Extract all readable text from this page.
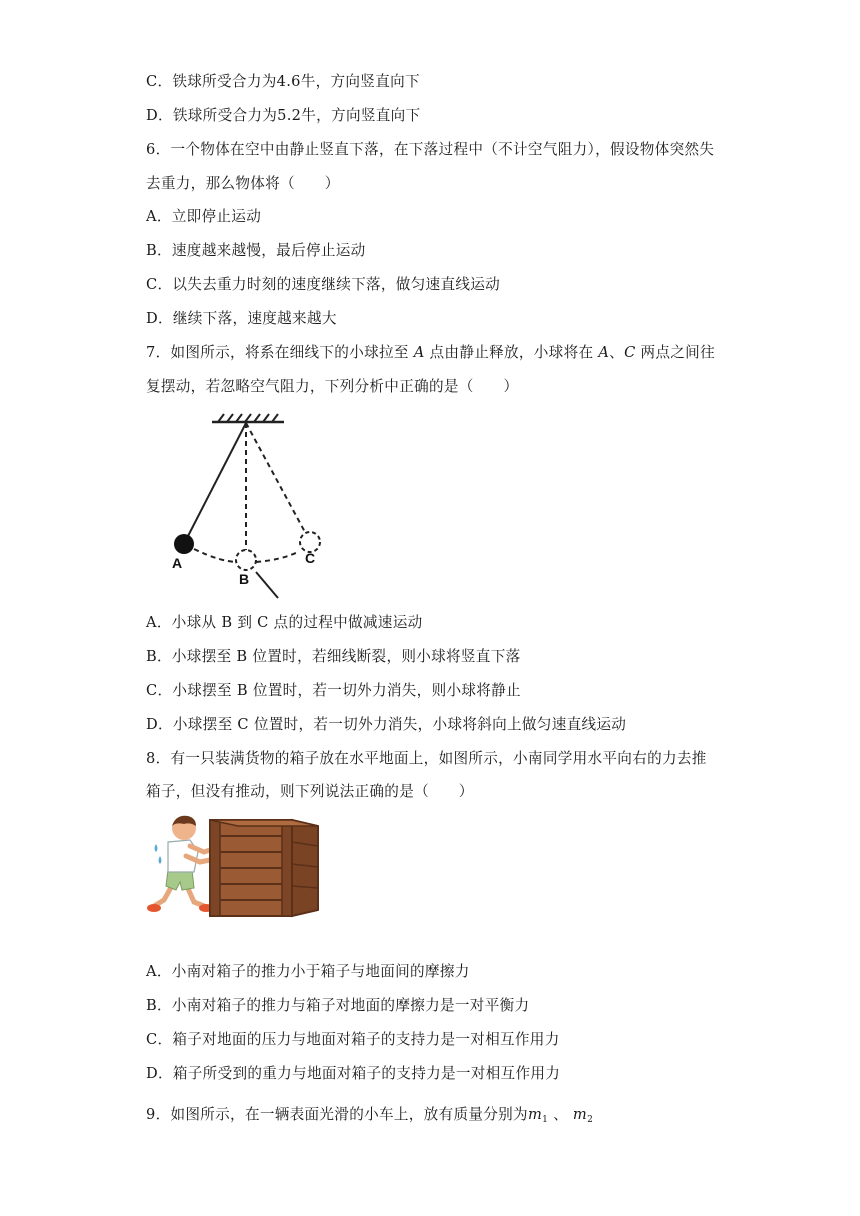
C．铁球所受合力为4.6牛，方向竖直向下
D．铁球所受合力为5.2牛，方向竖直向下
6．一个物体在空中由静止竖直下落，在下落过程中（不计空气阻力），假设物体突然失
去重力，那么物体将（　　）
A．立即停止运动
B．速度越来越慢，最后停止运动
C．以失去重力时刻的速度继续下落，做匀速直线运动
D．继续下落，速度越来越大
7．如图所示，将系在细线下的小球拉至 A 点由静止释放，小球将在 A、C 两点之间往
复摆动，若忽略空气阻力，下列分析中正确的是（　　）
A
B
C
A．小球从 B 到 C 点的过程中做减速运动
B．小球摆至 B 位置时，若细线断裂，则小球将竖直下落
C．小球摆至 B 位置时，若一切外力消失，则小球将静止
D．小球摆至 C 位置时，若一切外力消失，小球将斜向上做匀速直线运动
8．有一只装满货物的箱子放在水平地面上，如图所示，小南同学用水平向右的力去推
箱子，但没有推动，则下列说法正确的是（　　）
A．小南对箱子的推力小于箱子与地面间的摩擦力
B．小南对箱子的推力与箱子对地面的摩擦力是一对平衡力
C．箱子对地面的压力与地面对箱子的支持力是一对相互作用力
D．箱子所受到的重力与地面对箱子的支持力是一对相互作用力
9．如图所示，在一辆表面光滑的小车上，放有质量分别为$m_1$ 、 $m_2$
